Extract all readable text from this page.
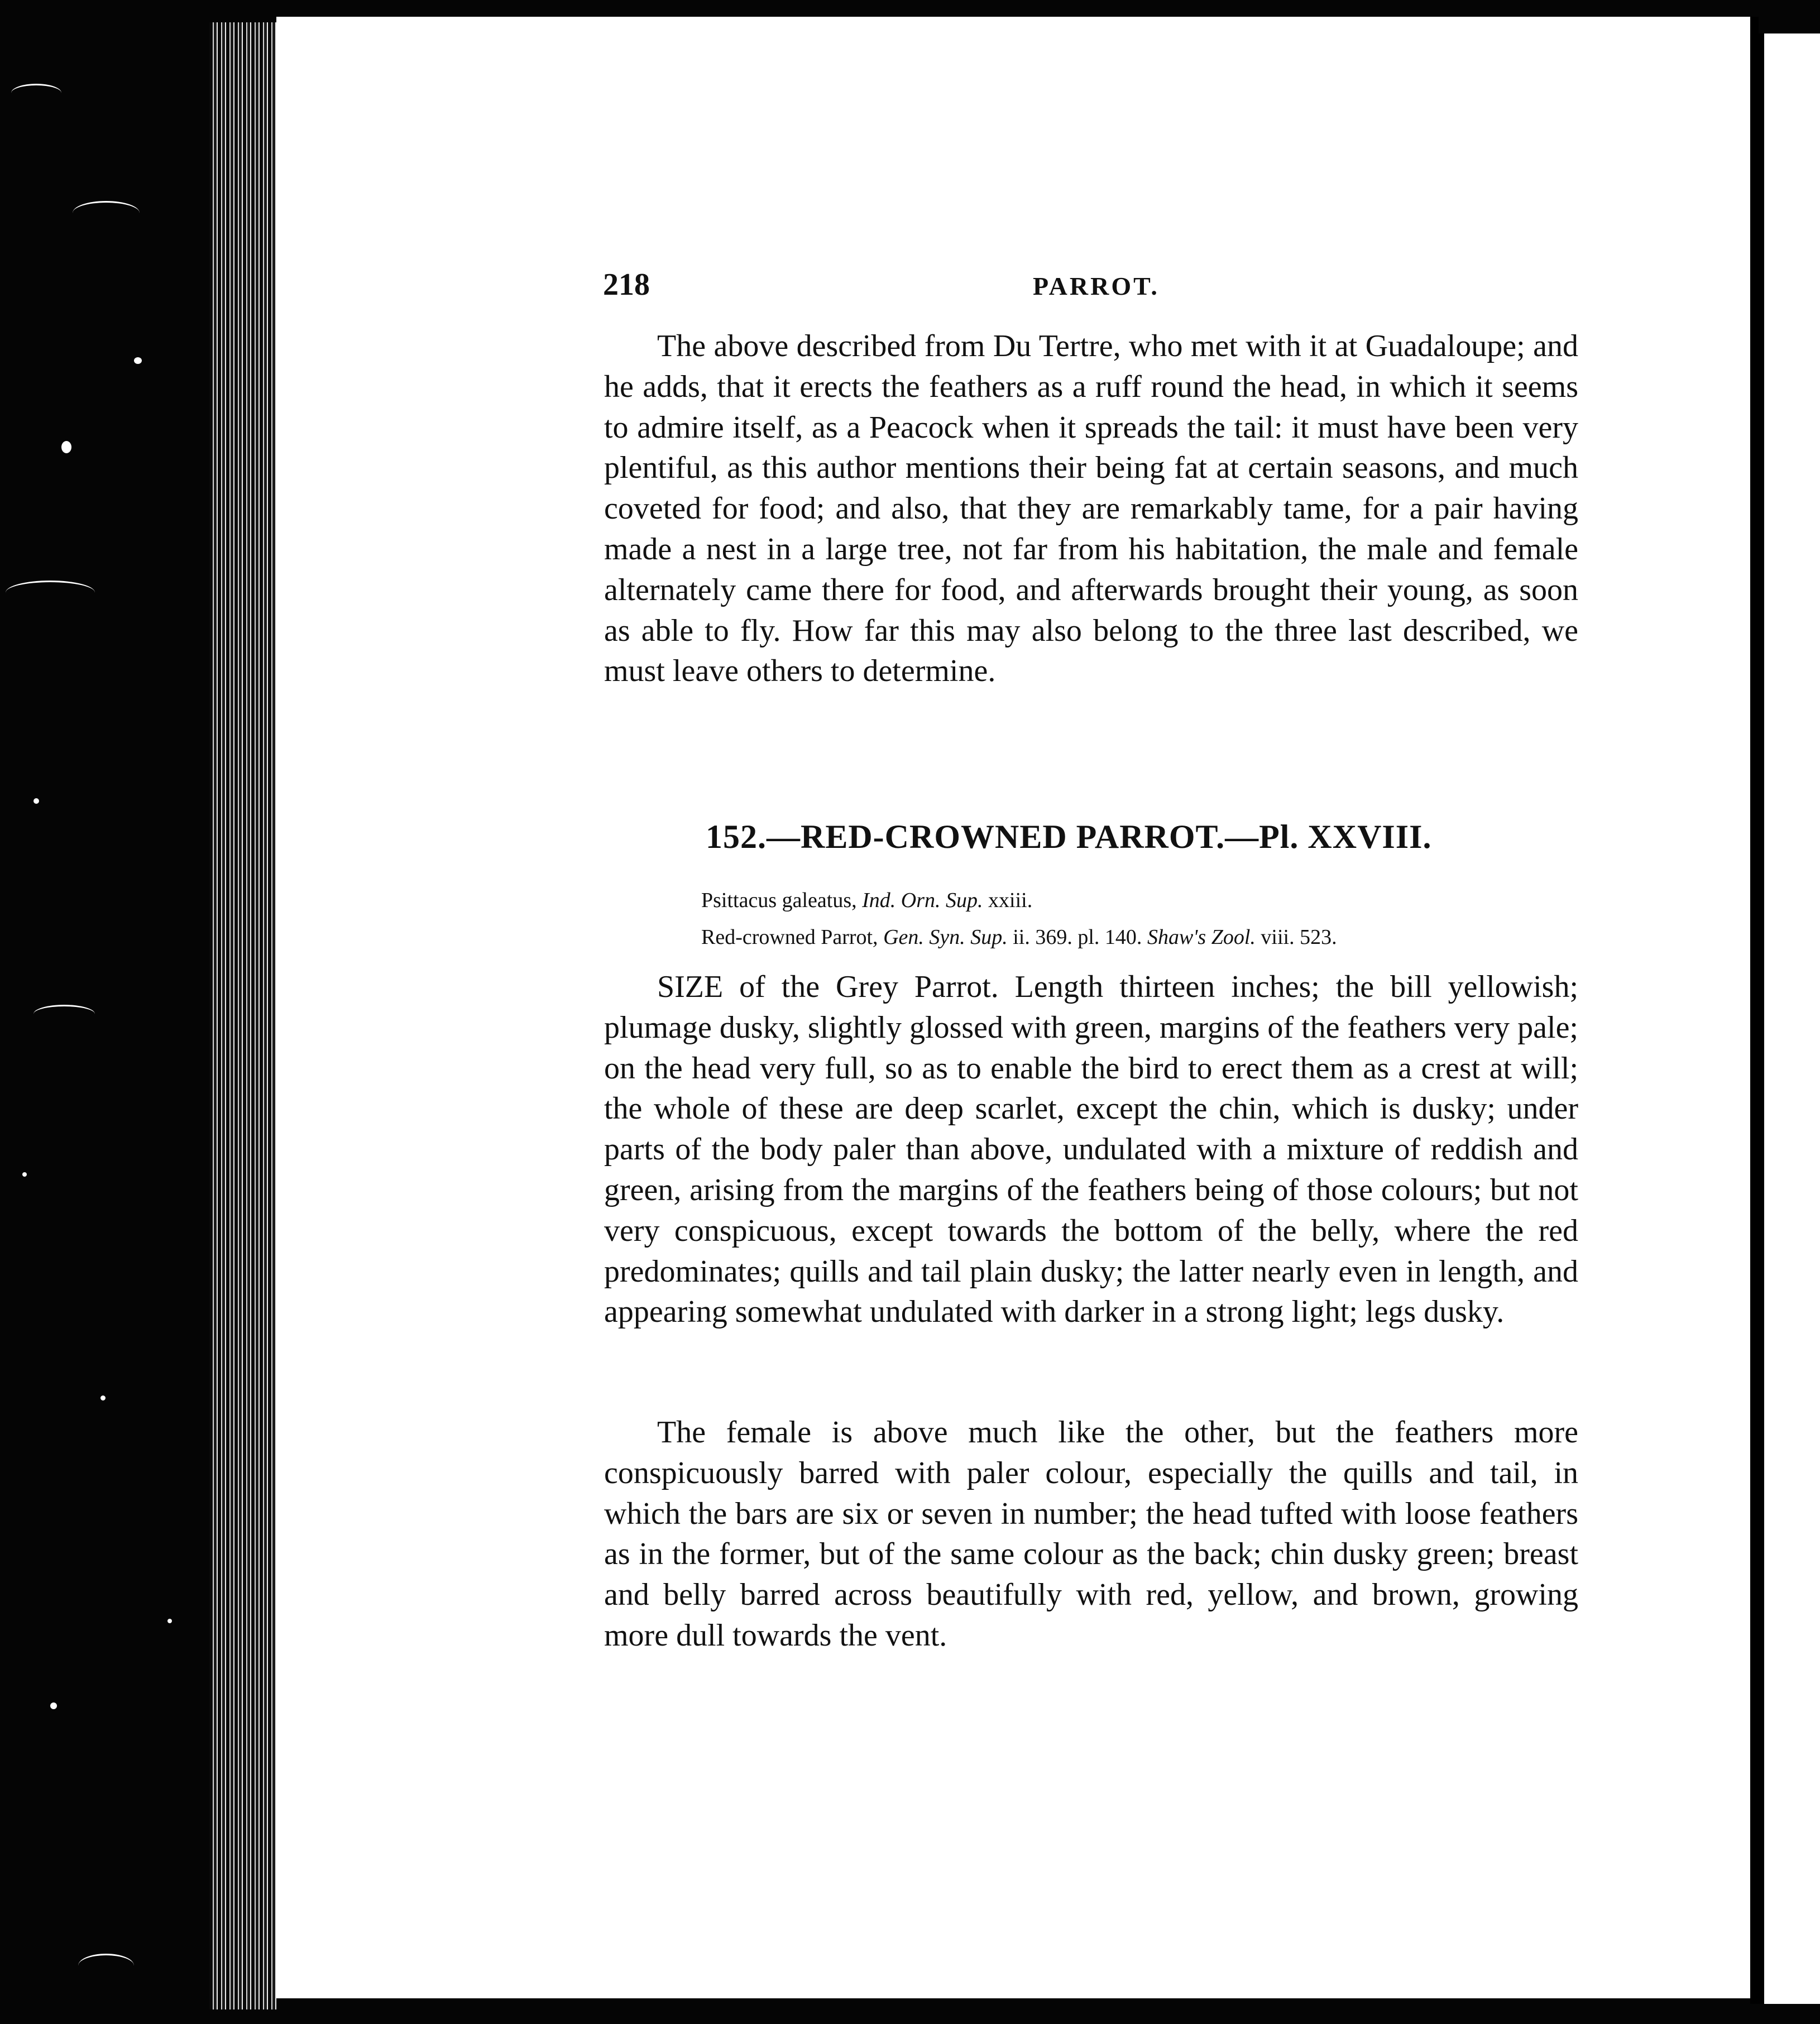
218	PARROT.

The above described from Du Tertre, who met with it at Guadaloupe; and he adds, that it erects the feathers as a ruff round the head, in which it seems to admire itself, as a Peacock when it spreads the tail: it must have been very plentiful, as this author mentions their being fat at certain seasons, and much coveted for food; and also, that they are remarkably tame, for a pair having made a nest in a large tree, not far from his habitation, the male and female alternately came there for food, and afterwards brought their young, as soon as able to fly. How far this may also belong to the three last described, we must leave others to determine.

152.—RED-CROWNED PARROT.—Pl. XXVIII.
Psittacus galeatus, Ind. Orn. Sup. xxiii.
Red-crowned Parrot, Gen. Syn. Sup. ii. 369. pl. 140. Shaw's Zool. viii. 523.

SIZE of the Grey Parrot. Length thirteen inches; the bill yellowish; plumage dusky, slightly glossed with green, margins of the feathers very pale; on the head very full, so as to enable the bird to erect them as a crest at will; the whole of these are deep scarlet, except the chin, which is dusky; under parts of the body paler than above, undulated with a mixture of reddish and green, arising from the margins of the feathers being of those colours; but not very conspicuous, except towards the bottom of the belly, where the red predominates; quills and tail plain dusky; the latter nearly even in length, and appearing somewhat undulated with darker in a strong light; legs dusky.

The female is above much like the other, but the feathers more conspicuously barred with paler colour, especially the quills and tail, in which the bars are six or seven in number; the head tufted with loose feathers as in the former, but of the same colour as the back; chin dusky green; breast and belly barred across beautifully with red, yellow, and brown, growing more dull towards the vent.
